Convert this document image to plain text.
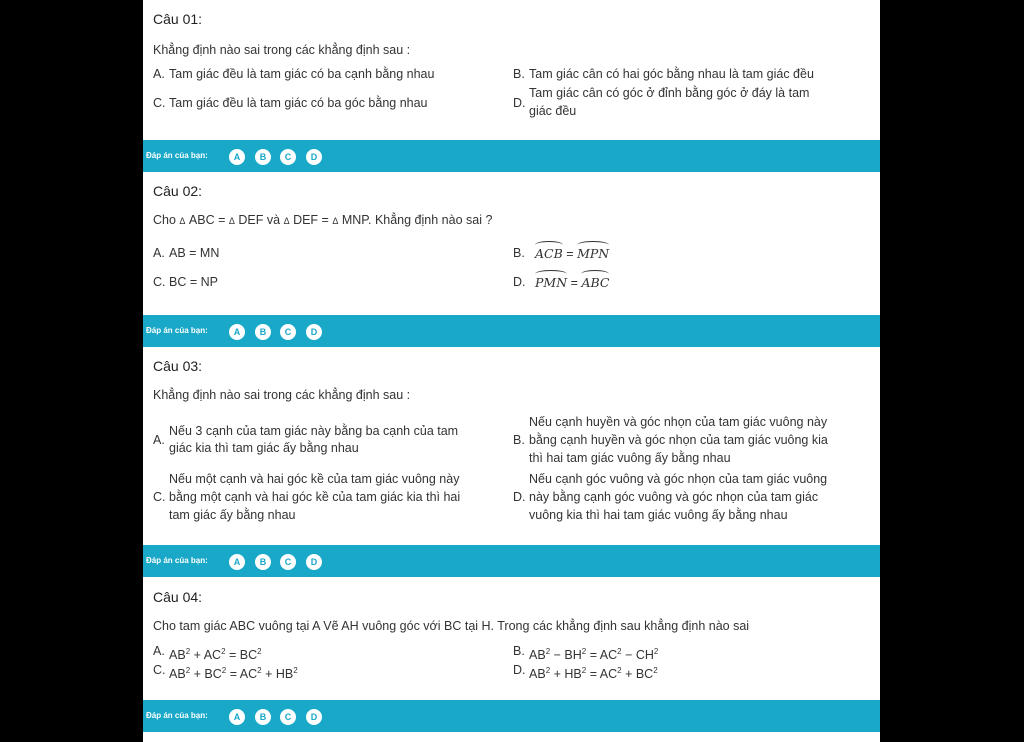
Câu 01:
Khẳng định nào sai trong các khẳng định sau :
A. Tam giác đều là tam giác có ba cạnh bằng nhau	B. Tam giác cân có hai góc bằng nhau là tam giác đều
C. Tam giác đều là tam giác có ba góc bằng nhau	D.
Tam giác cân có góc ở đỉnh bằng góc ở đáy là tam
giác đều
Đáp án của bạn:	A	B	C	D
Câu 02:
Cho Δ ABC = Δ DEF và Δ DEF = Δ MNP. Khẳng định nào sai ?
A. AB = MN	B. ACB = MPN
C. BC = NP	D. PMN = ABC
Đáp án của bạn:	A	B	C	D
Câu 03:
Khẳng định nào sai trong các khẳng định sau :
A.
Nếu 3 cạnh của tam giác này bằng ba cạnh của tam
giác kia thì tam giác ấy bằng nhau
B.
Nếu cạnh huyền và góc nhọn của tam giác vuông này
bằng cạnh huyền và góc nhọn của tam giác vuông kia
thì hai tam giác vuông ấy bằng nhau
C.
Nếu một cạnh và hai góc kề của tam giác vuông này
bằng một cạnh và hai góc kề của tam giác kia thì hai
tam giác ấy bằng nhau
D.
Nếu cạnh góc vuông và góc nhọn của tam giác vuông
này bằng cạnh góc vuông và góc nhọn của tam giác
vuông kia thì hai tam giác vuông ấy bằng nhau
Đáp án của bạn:	A	B	C	D
Câu 04:
Cho tam giác ABC vuông tại A Vẽ AH vuông góc với BC tại H. Trong các khẳng định sau khẳng định nào sai
A. $AB^2 + AC^2 = BC^2$	B. $AB^2 - BH^2 = AC^2 - CH^2$
C. $AB^2 + BC^2 = AC^2 + HB^2$	D. $AB^2 + HB^2 = AC^2 + BC^2$
Đáp án của bạn:	A	B	C	D
